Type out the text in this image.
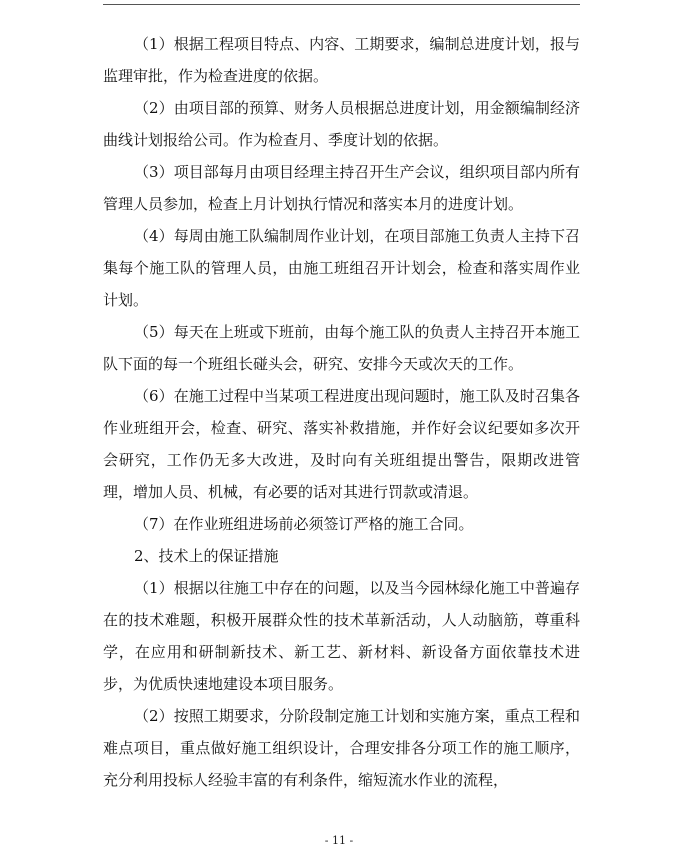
（1）根据工程项目特点、内容、工期要求，编制总进度计划，报与监理审批，作为检查进度的依据。

（2）由项目部的预算、财务人员根据总进度计划，用金额编制经济曲线计划报给公司。作为检查月、季度计划的依据。

（3）项目部每月由项目经理主持召开生产会议，组织项目部内所有管理人员参加，检查上月计划执行情况和落实本月的进度计划。

（4）每周由施工队编制周作业计划，在项目部施工负责人主持下召集每个施工队的管理人员，由施工班组召开计划会，检查和落实周作业计划。

（5）每天在上班或下班前，由每个施工队的负责人主持召开本施工队下面的每一个班组长碰头会，研究、安排今天或次天的工作。

（6）在施工过程中当某项工程进度出现问题时，施工队及时召集各作业班组开会，检查、研究、落实补救措施，并作好会议纪要如多次开会研究，工作仍无多大改进，及时向有关班组提出警告，限期改进管理，增加人员、机械，有必要的话对其进行罚款或清退。

（7）在作业班组进场前必须签订严格的施工合同。

2、技术上的保证措施

（1）根据以往施工中存在的问题，以及当今园林绿化施工中普遍存在的技术难题，积极开展群众性的技术革新活动，人人动脑筋，尊重科学，在应用和研制新技术、新工艺、新材料、新设备方面依靠技术进步，为优质快速地建设本项目服务。

（2）按照工期要求，分阶段制定施工计划和实施方案，重点工程和难点项目，重点做好施工组织设计，合理安排各分项工作的施工顺序，充分利用投标人经验丰富的有利条件，缩短流水作业的流程，

- 11 -
